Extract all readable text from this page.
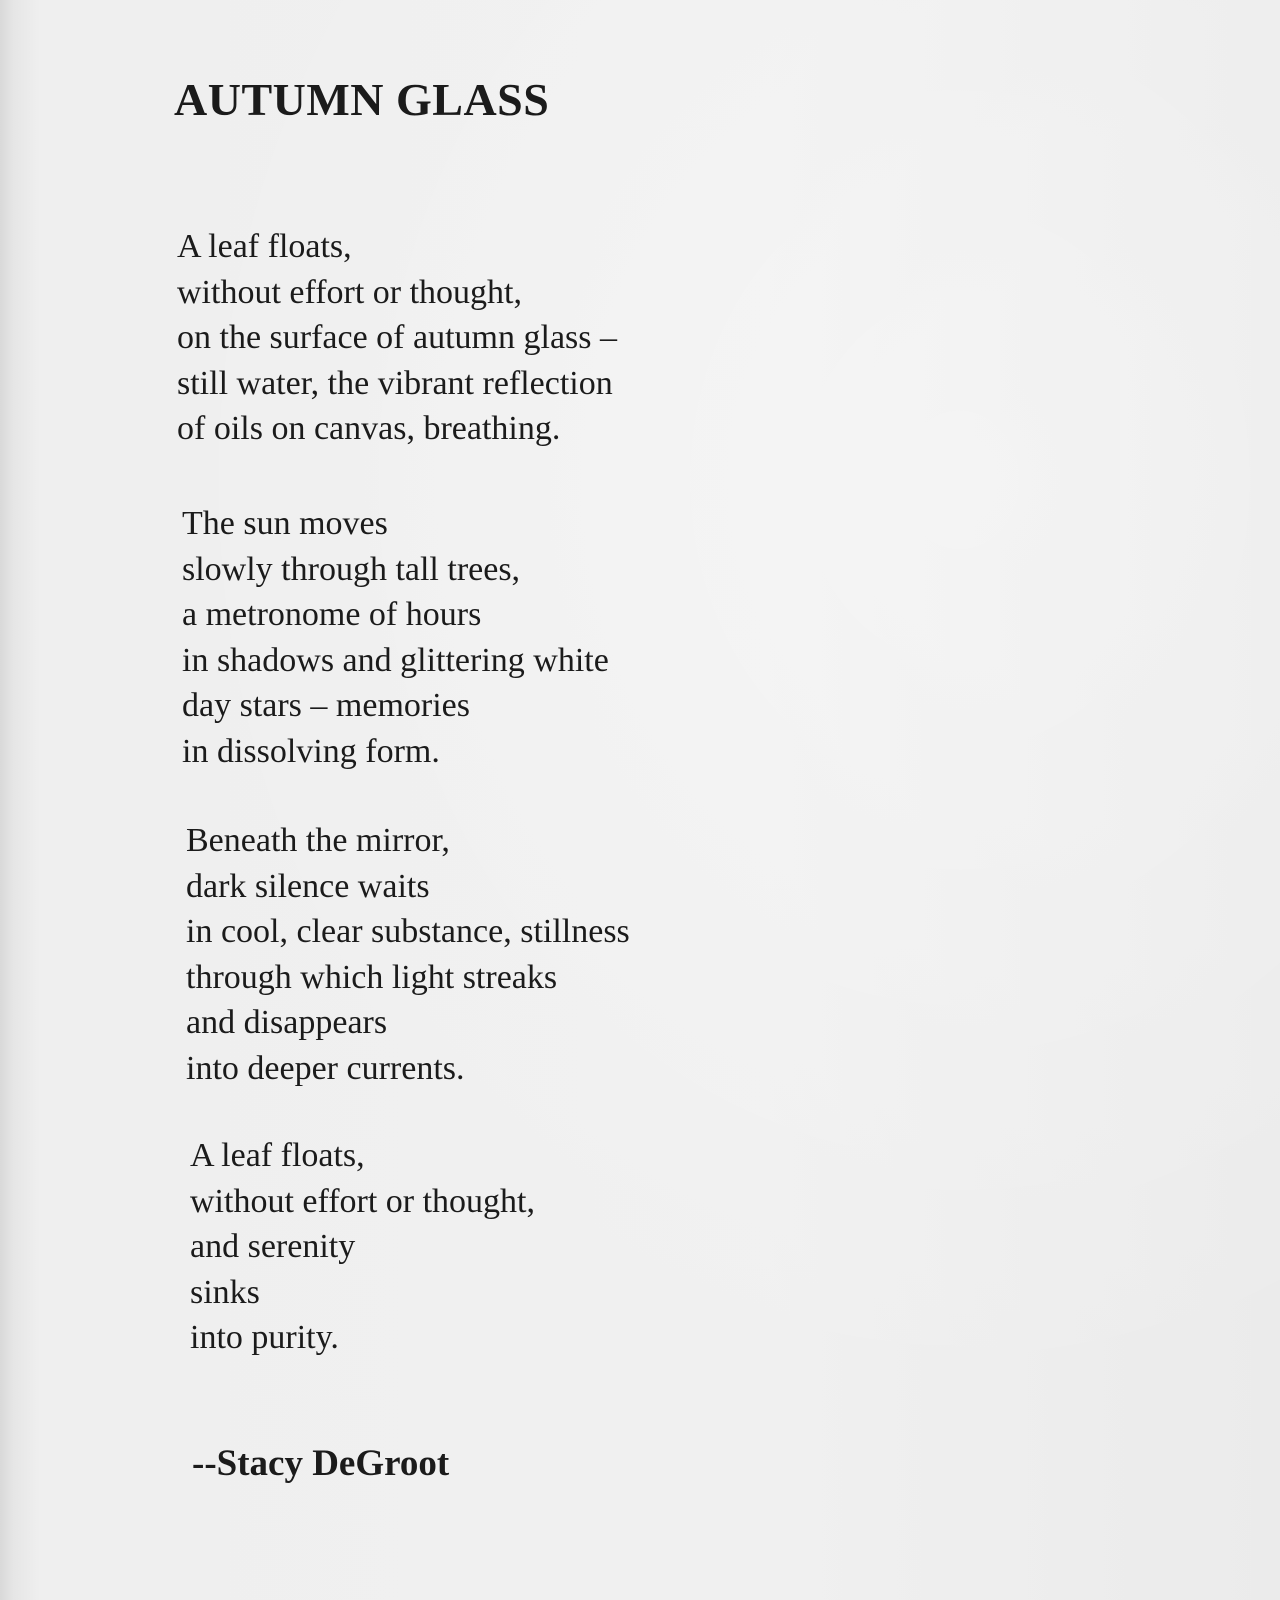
AUTUMN GLASS
A leaf floats,
without effort or thought,
on the surface of autumn glass –
still water, the vibrant reflection
of oils on canvas, breathing.
The sun moves
slowly through tall trees,
a metronome of hours
in shadows and glittering white
day stars – memories
in dissolving form.
Beneath the mirror,
dark silence waits
in cool, clear substance, stillness
through which light streaks
and disappears
into deeper currents.
A leaf floats,
without effort or thought,
and serenity
sinks
into purity.

--Stacy DeGroot
